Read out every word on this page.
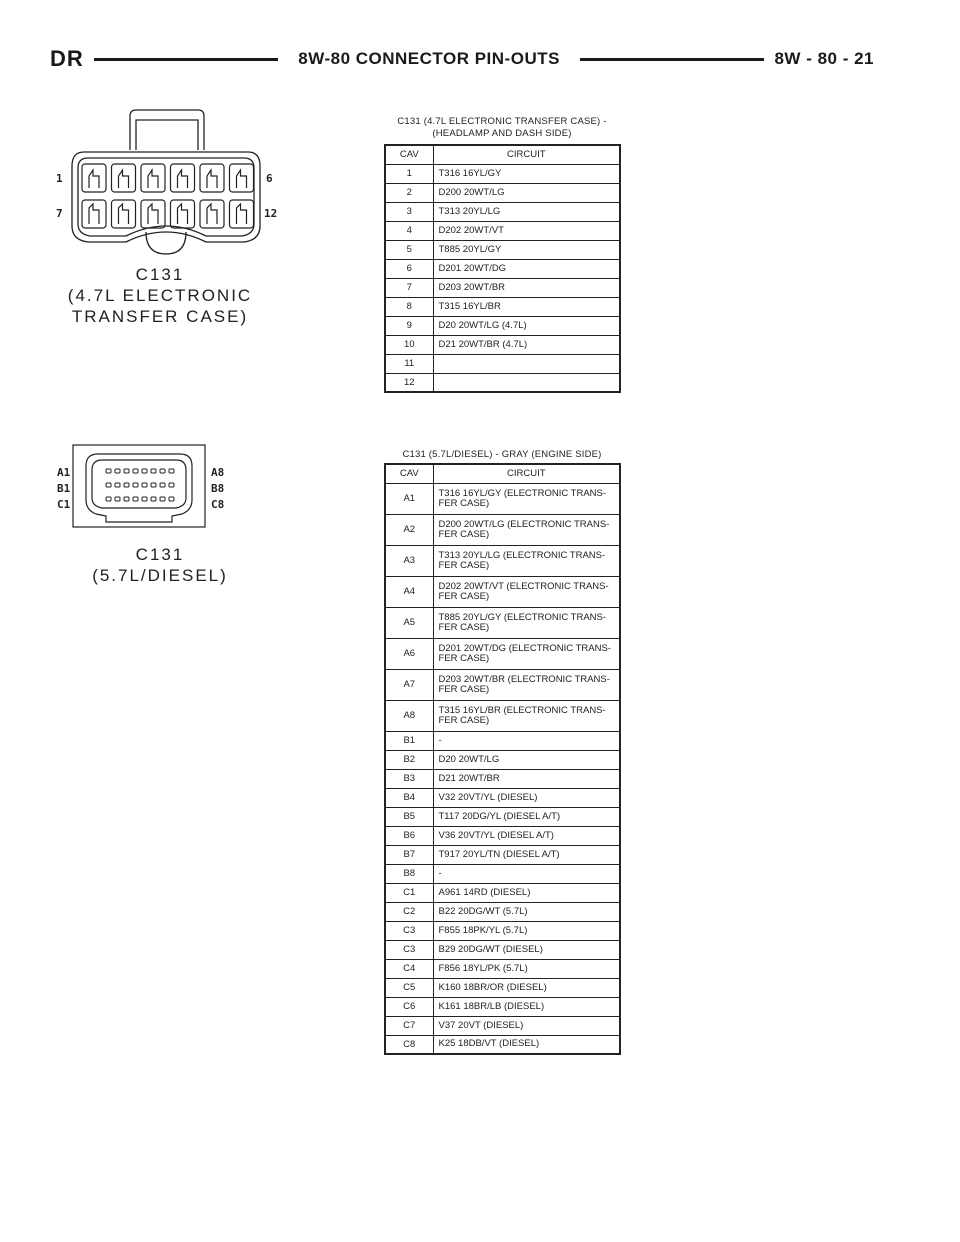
DR	8W-80 CONNECTOR PIN-OUTS	8W - 80 - 21
1
7
6
12
C131
(4.7L ELECTRONIC
TRANSFER CASE)
C131 (4.7L ELECTRONIC TRANSFER CASE) -
(HEADLAMP AND DASH SIDE)
CAV	CIRCUIT
1	T316 16YL/GY
2	D200 20WT/LG
3	T313 20YL/LG
4	D202 20WT/VT
5	T885 20YL/GY
6	D201 20WT/DG
7	D203 20WT/BR
8	T315 16YL/BR
9	D20 20WT/LG (4.7L)
10	D21 20WT/BR (4.7L)
11	
12	
A1
B1
C1
A8
B8
C8
C131
(5.7L/DIESEL)
C131 (5.7L/DIESEL) - GRAY (ENGINE SIDE)
CAV	CIRCUIT
A1	T316 16YL/GY (ELECTRONIC TRANS-
FER CASE)

A2	D200 20WT/LG (ELECTRONIC TRANS-
FER CASE)

A3	T313 20YL/LG (ELECTRONIC TRANS-
FER CASE)

A4	D202 20WT/VT (ELECTRONIC TRANS-
FER CASE)

A5	T885 20YL/GY (ELECTRONIC TRANS-
FER CASE)

A6	D201 20WT/DG (ELECTRONIC TRANS-
FER CASE)

A7	D203 20WT/BR (ELECTRONIC TRANS-
FER CASE)

A8	T315 16YL/BR (ELECTRONIC TRANS-
FER CASE)

B1	-

B2	D20 20WT/LG

B3	D21 20WT/BR

B4	V32 20VT/YL (DIESEL)

B5	T117 20DG/YL (DIESEL A/T)

B6	V36 20VT/YL (DIESEL A/T)

B7	T917 20YL/TN (DIESEL A/T)

B8	-

C1	A961 14RD (DIESEL)

C2	B22 20DG/WT (5.7L)

C3	F855 18PK/YL (5.7L)

C3	B29 20DG/WT (DIESEL)

C4	F856 18YL/PK (5.7L)

C5	K160 18BR/OR (DIESEL)

C6	K161 18BR/LB (DIESEL)

C7	V37 20VT (DIESEL)

C8	K25 18DB/VT (DIESEL)
